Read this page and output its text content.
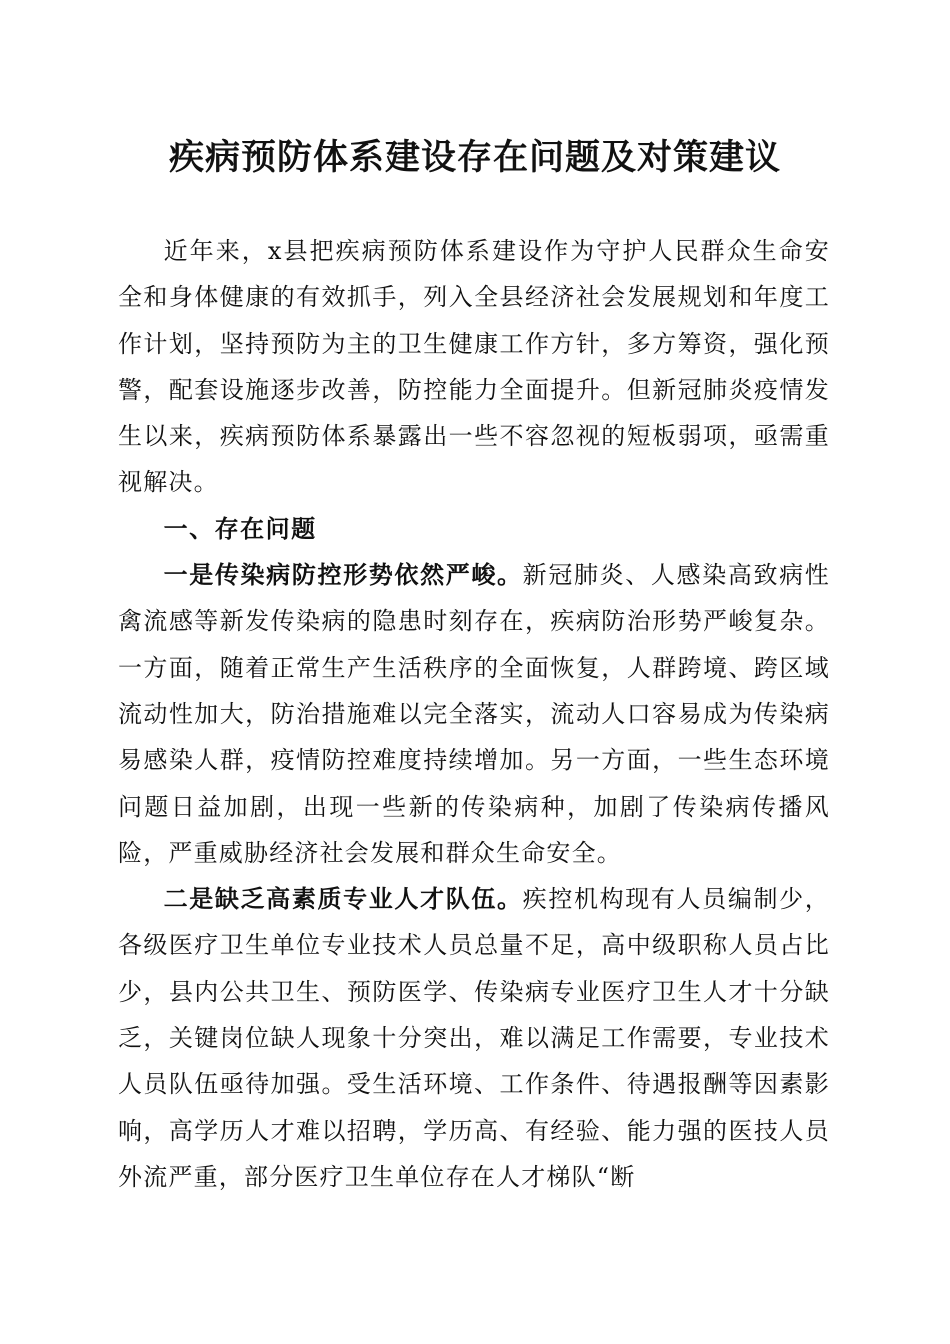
疾病预防体系建设存在问题及对策建议

近年来，x县把疾病预防体系建设作为守护人民群众生命安全和身体健康的有效抓手，列入全县经济社会发展规划和年度工作计划，坚持预防为主的卫生健康工作方针，多方筹资，强化预警，配套设施逐步改善，防控能力全面提升。但新冠肺炎疫情发生以来，疾病预防体系暴露出一些不容忽视的短板弱项，亟需重视解决。

一、存在问题

一是传染病防控形势依然严峻。新冠肺炎、人感染高致病性禽流感等新发传染病的隐患时刻存在，疾病防治形势严峻复杂。一方面，随着正常生产生活秩序的全面恢复，人群跨境、跨区域流动性加大，防治措施难以完全落实，流动人口容易成为传染病易感染人群，疫情防控难度持续增加。另一方面，一些生态环境问题日益加剧，出现一些新的传染病种，加剧了传染病传播风险，严重威胁经济社会发展和群众生命安全。

二是缺乏高素质专业人才队伍。疾控机构现有人员编制少，各级医疗卫生单位专业技术人员总量不足，高中级职称人员占比少，县内公共卫生、预防医学、传染病专业医疗卫生人才十分缺乏，关键岗位缺人现象十分突出，难以满足工作需要，专业技术人员队伍亟待加强。受生活环境、工作条件、待遇报酬等因素影响，高学历人才难以招聘，学历高、有经验、能力强的医技人员外流严重，部分医疗卫生单位存在人才梯队“断
